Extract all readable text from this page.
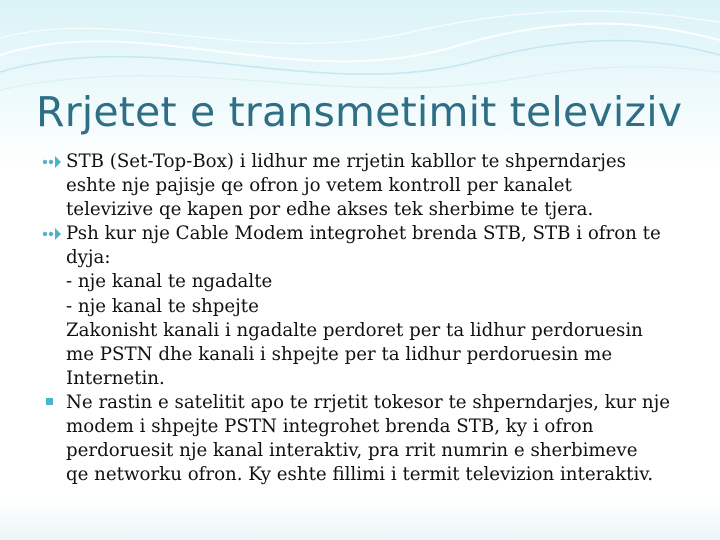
Rrjetet e transmetimit televiziv
STB (Set-Top-Box) i lidhur me rrjetin kabllor te shperndarjes
eshte nje pajisje qe ofron jo vetem kontroll per kanalet
televizive qe kapen por edhe akses tek sherbime te tjera.
Psh kur nje Cable Modem integrohet brenda STB, STB i ofron te
dyja:
- nje kanal te ngadalte
- nje kanal te shpejte
Zakonisht kanali i ngadalte perdoret per ta lidhur perdoruesin
me PSTN dhe kanali i shpejte per ta lidhur perdoruesin me
Internetin.
Ne rastin e satelitit apo te rrjetit tokesor te shperndarjes, kur nje
modem i shpejte PSTN integrohet brenda STB, ky i ofron
perdoruesit nje kanal interaktiv, pra rrit numrin e sherbimeve
qe networku ofron. Ky eshte fillimi i termit televizion interaktiv.
